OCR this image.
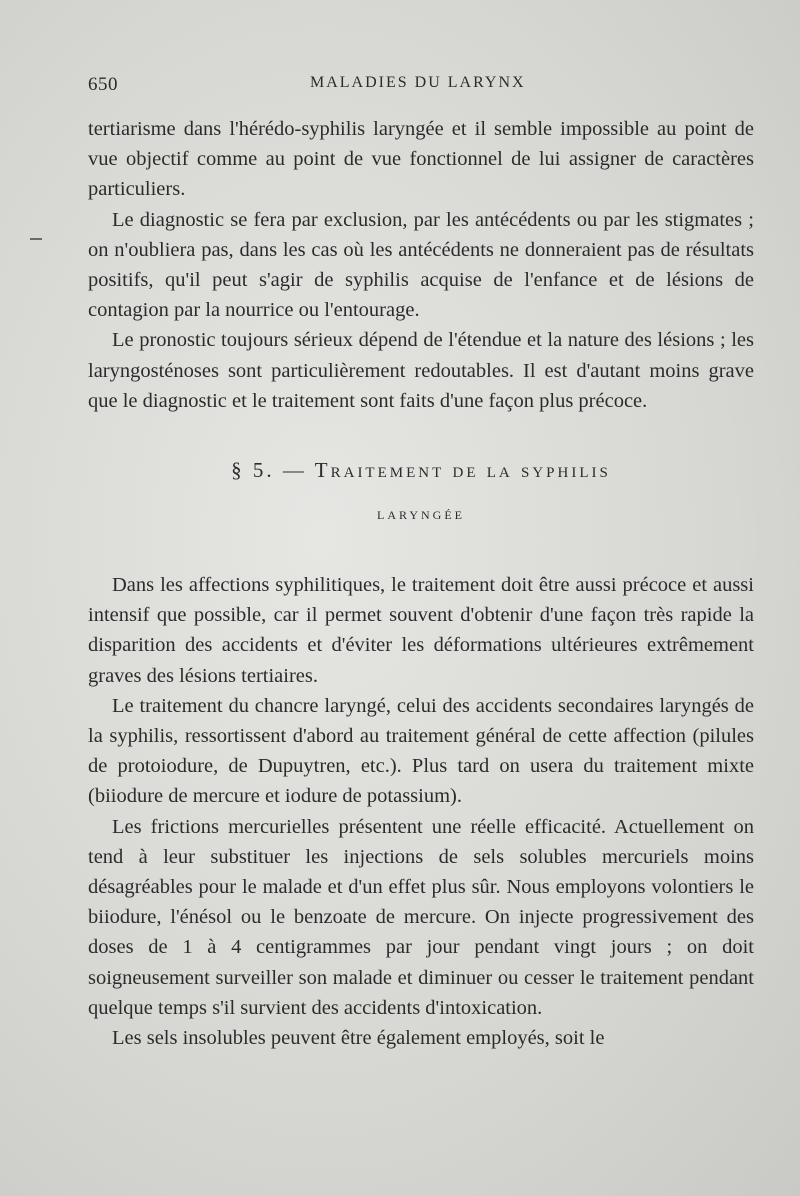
650	MALADIES DU LARYNX

tertiarisme dans l'hérédo-syphilis laryngée et il semble impossible au point de vue objectif comme au point de vue fonctionnel de lui assigner de caractères particuliers.

Le diagnostic se fera par exclusion, par les antécédents ou par les stigmates ; on n'oubliera pas, dans les cas où les antécédents ne donneraient pas de résultats positifs, qu'il peut s'agir de syphilis acquise de l'enfance et de lésions de contagion par la nourrice ou l'entourage.

Le pronostic toujours sérieux dépend de l'étendue et la nature des lésions ; les laryngosténoses sont particulièrement redoutables. Il est d'autant moins grave que le diagnostic et le traitement sont faits d'une façon plus précoce.

§ 5. — Traitement de la syphilis
laryngée

Dans les affections syphilitiques, le traitement doit être aussi précoce et aussi intensif que possible, car il permet souvent d'obtenir d'une façon très rapide la disparition des accidents et d'éviter les déformations ultérieures extrêmement graves des lésions tertiaires.

Le traitement du chancre laryngé, celui des accidents secondaires laryngés de la syphilis, ressortissent d'abord au traitement général de cette affection (pilules de protoiodure, de Dupuytren, etc.). Plus tard on usera du traitement mixte (biiodure de mercure et iodure de potassium).

Les frictions mercurielles présentent une réelle efficacité. Actuellement on tend à leur substituer les injections de sels solubles mercuriels moins désagréables pour le malade et d'un effet plus sûr. Nous employons volontiers le biiodure, l'énésol ou le benzoate de mercure. On injecte progressivement des doses de 1 à 4 centigrammes par jour pendant vingt jours ; on doit soigneusement surveiller son malade et diminuer ou cesser le traitement pendant quelque temps s'il survient des accidents d'intoxication.

Les sels insolubles peuvent être également employés, soit le
